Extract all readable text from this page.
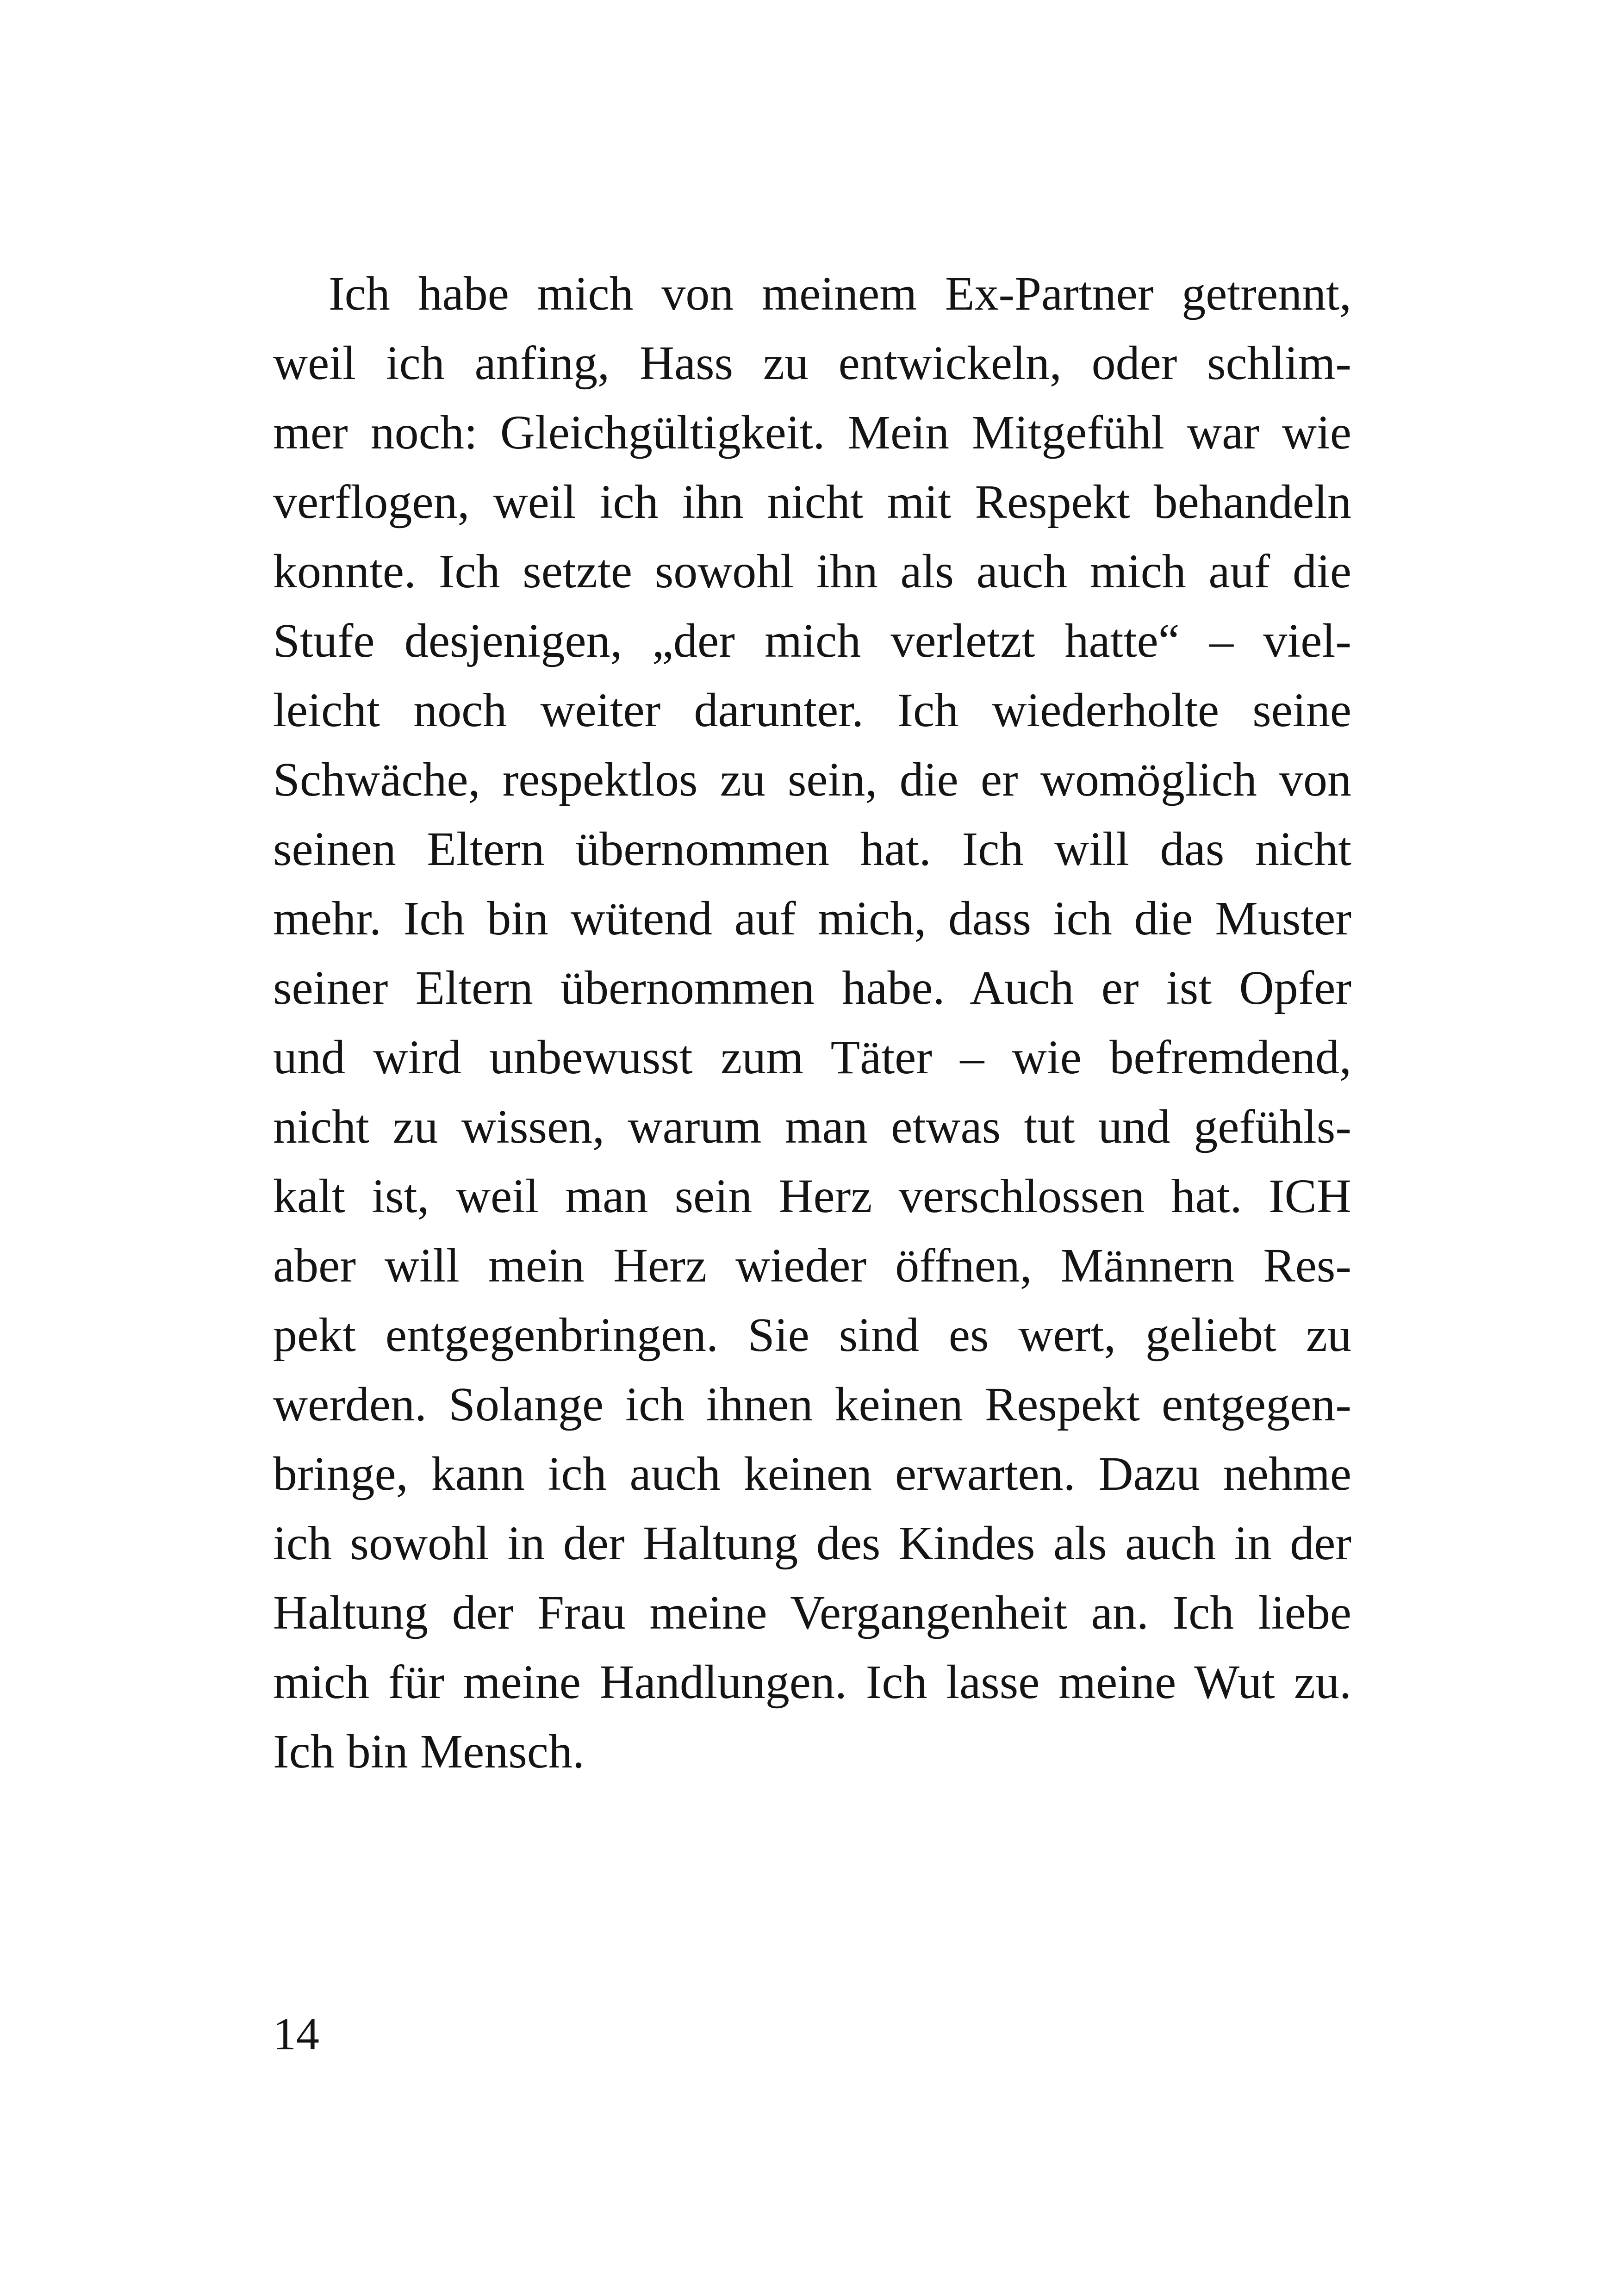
Ich habe mich von meinem Ex-Partner getrennt,
weil ich anfing, Hass zu entwickeln, oder schlim-
mer noch: Gleichgültigkeit. Mein Mitgefühl war wie
verflogen, weil ich ihn nicht mit Respekt behandeln
konnte. Ich setzte sowohl ihn als auch mich auf die
Stufe desjenigen, „der mich verletzt hatte“ – viel-
leicht noch weiter darunter. Ich wiederholte seine
Schwäche, respektlos zu sein, die er womöglich von
seinen Eltern übernommen hat. Ich will das nicht
mehr. Ich bin wütend auf mich, dass ich die Muster
seiner Eltern übernommen habe. Auch er ist Opfer
und wird unbewusst zum Täter – wie befremdend,
nicht zu wissen, warum man etwas tut und gefühls-
kalt ist, weil man sein Herz verschlossen hat. ICH
aber will mein Herz wieder öffnen, Männern Res-
pekt entgegenbringen. Sie sind es wert, geliebt zu
werden. Solange ich ihnen keinen Respekt entgegen-
bringe, kann ich auch keinen erwarten. Dazu nehme
ich sowohl in der Haltung des Kindes als auch in der
Haltung der Frau meine Vergangenheit an. Ich liebe
mich für meine Handlungen. Ich lasse meine Wut zu.
Ich bin Mensch.
14
